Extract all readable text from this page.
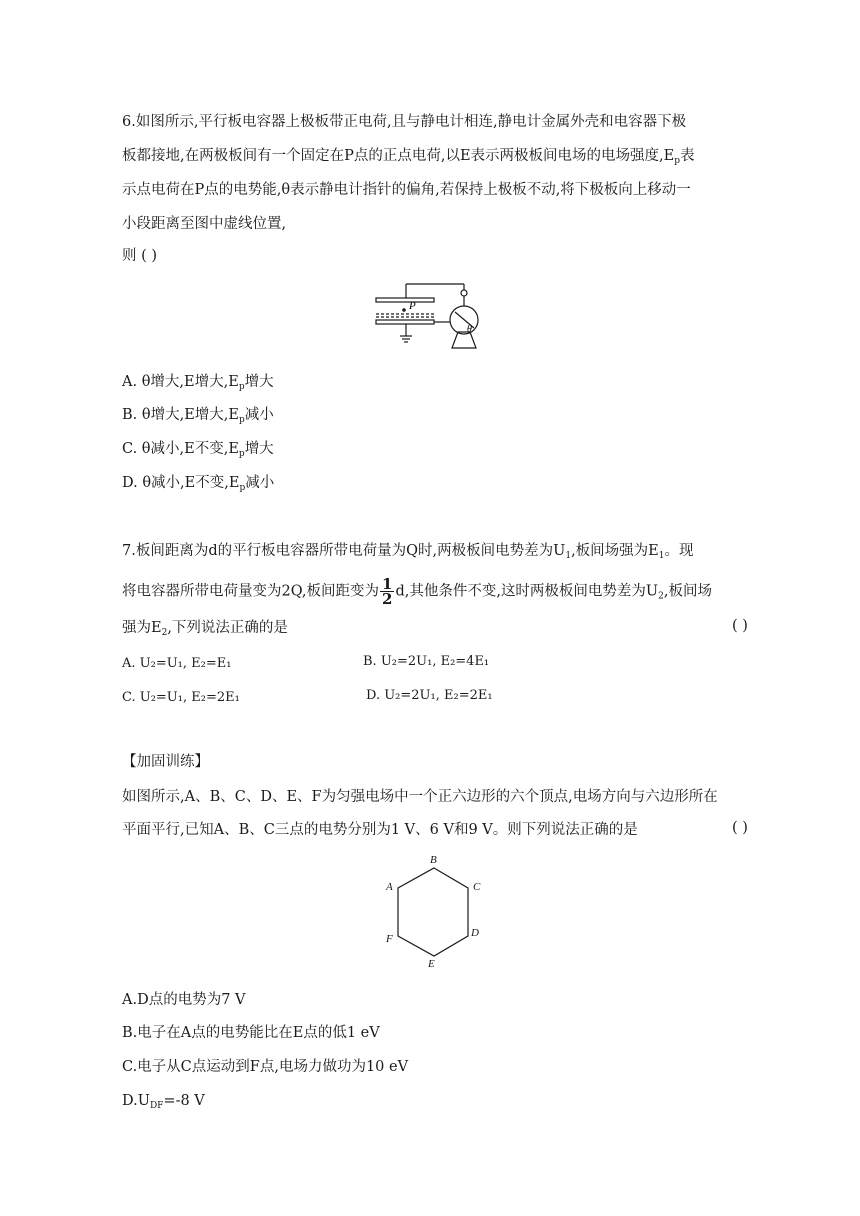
6.如图所示,平行板电容器上极板带正电荷,且与静电计相连,静电计金属外壳和电容器下极
板都接地,在两极板间有一个固定在P点的正点电荷,以E表示两极板间电场的电场强度$,E_p$表
示点电荷在P点的电势能,θ表示静电计指针的偏角,若保持上极板不动,将下极板向上移动一
小段距离至图中虚线位置,
则 ( )
P
θ
A. θ增大,E增大$,E_p$增大
B. θ增大,E增大$,E_p$减小
C. θ减小,E不变$,E_p$增大
D. θ减小,E不变$,E_p$减小
7.板间距离为d的平行板电容器所带电荷量为Q时,两极板间电势差为$U_1$,板间场强为$E_1$。现
将电容器所带电荷量变为2Q,板间距变为 $\frac{1}{2} d$,其他条件不变,这时两极板间电势差为$U_2$,板间场
强为$E_2$,下列说法正确的是	( )
A. U₂=U₁, E₂=E₁	B. U₂=2U₁, E₂=4E₁
C. U₂=U₁, E₂=2E₁	D. U₂=2U₁, E₂=2E₁
【加固训练】
如图所示,A、B、C、D、E、F为匀强电场中一个正六边形的六个顶点,电场方向与六边形所在
平面平行,已知A、B、C三点的电势分别为1 V、6 V和9 V。则下列说法正确的是	( )
B
C
D
E
F
A
A.D点的电势为7 V
B.电子在A点的电势能比在E点的低1 eV
C.电子从C点运动到F点,电场力做功为10 eV
$D.U_{DF}=-8$ V
